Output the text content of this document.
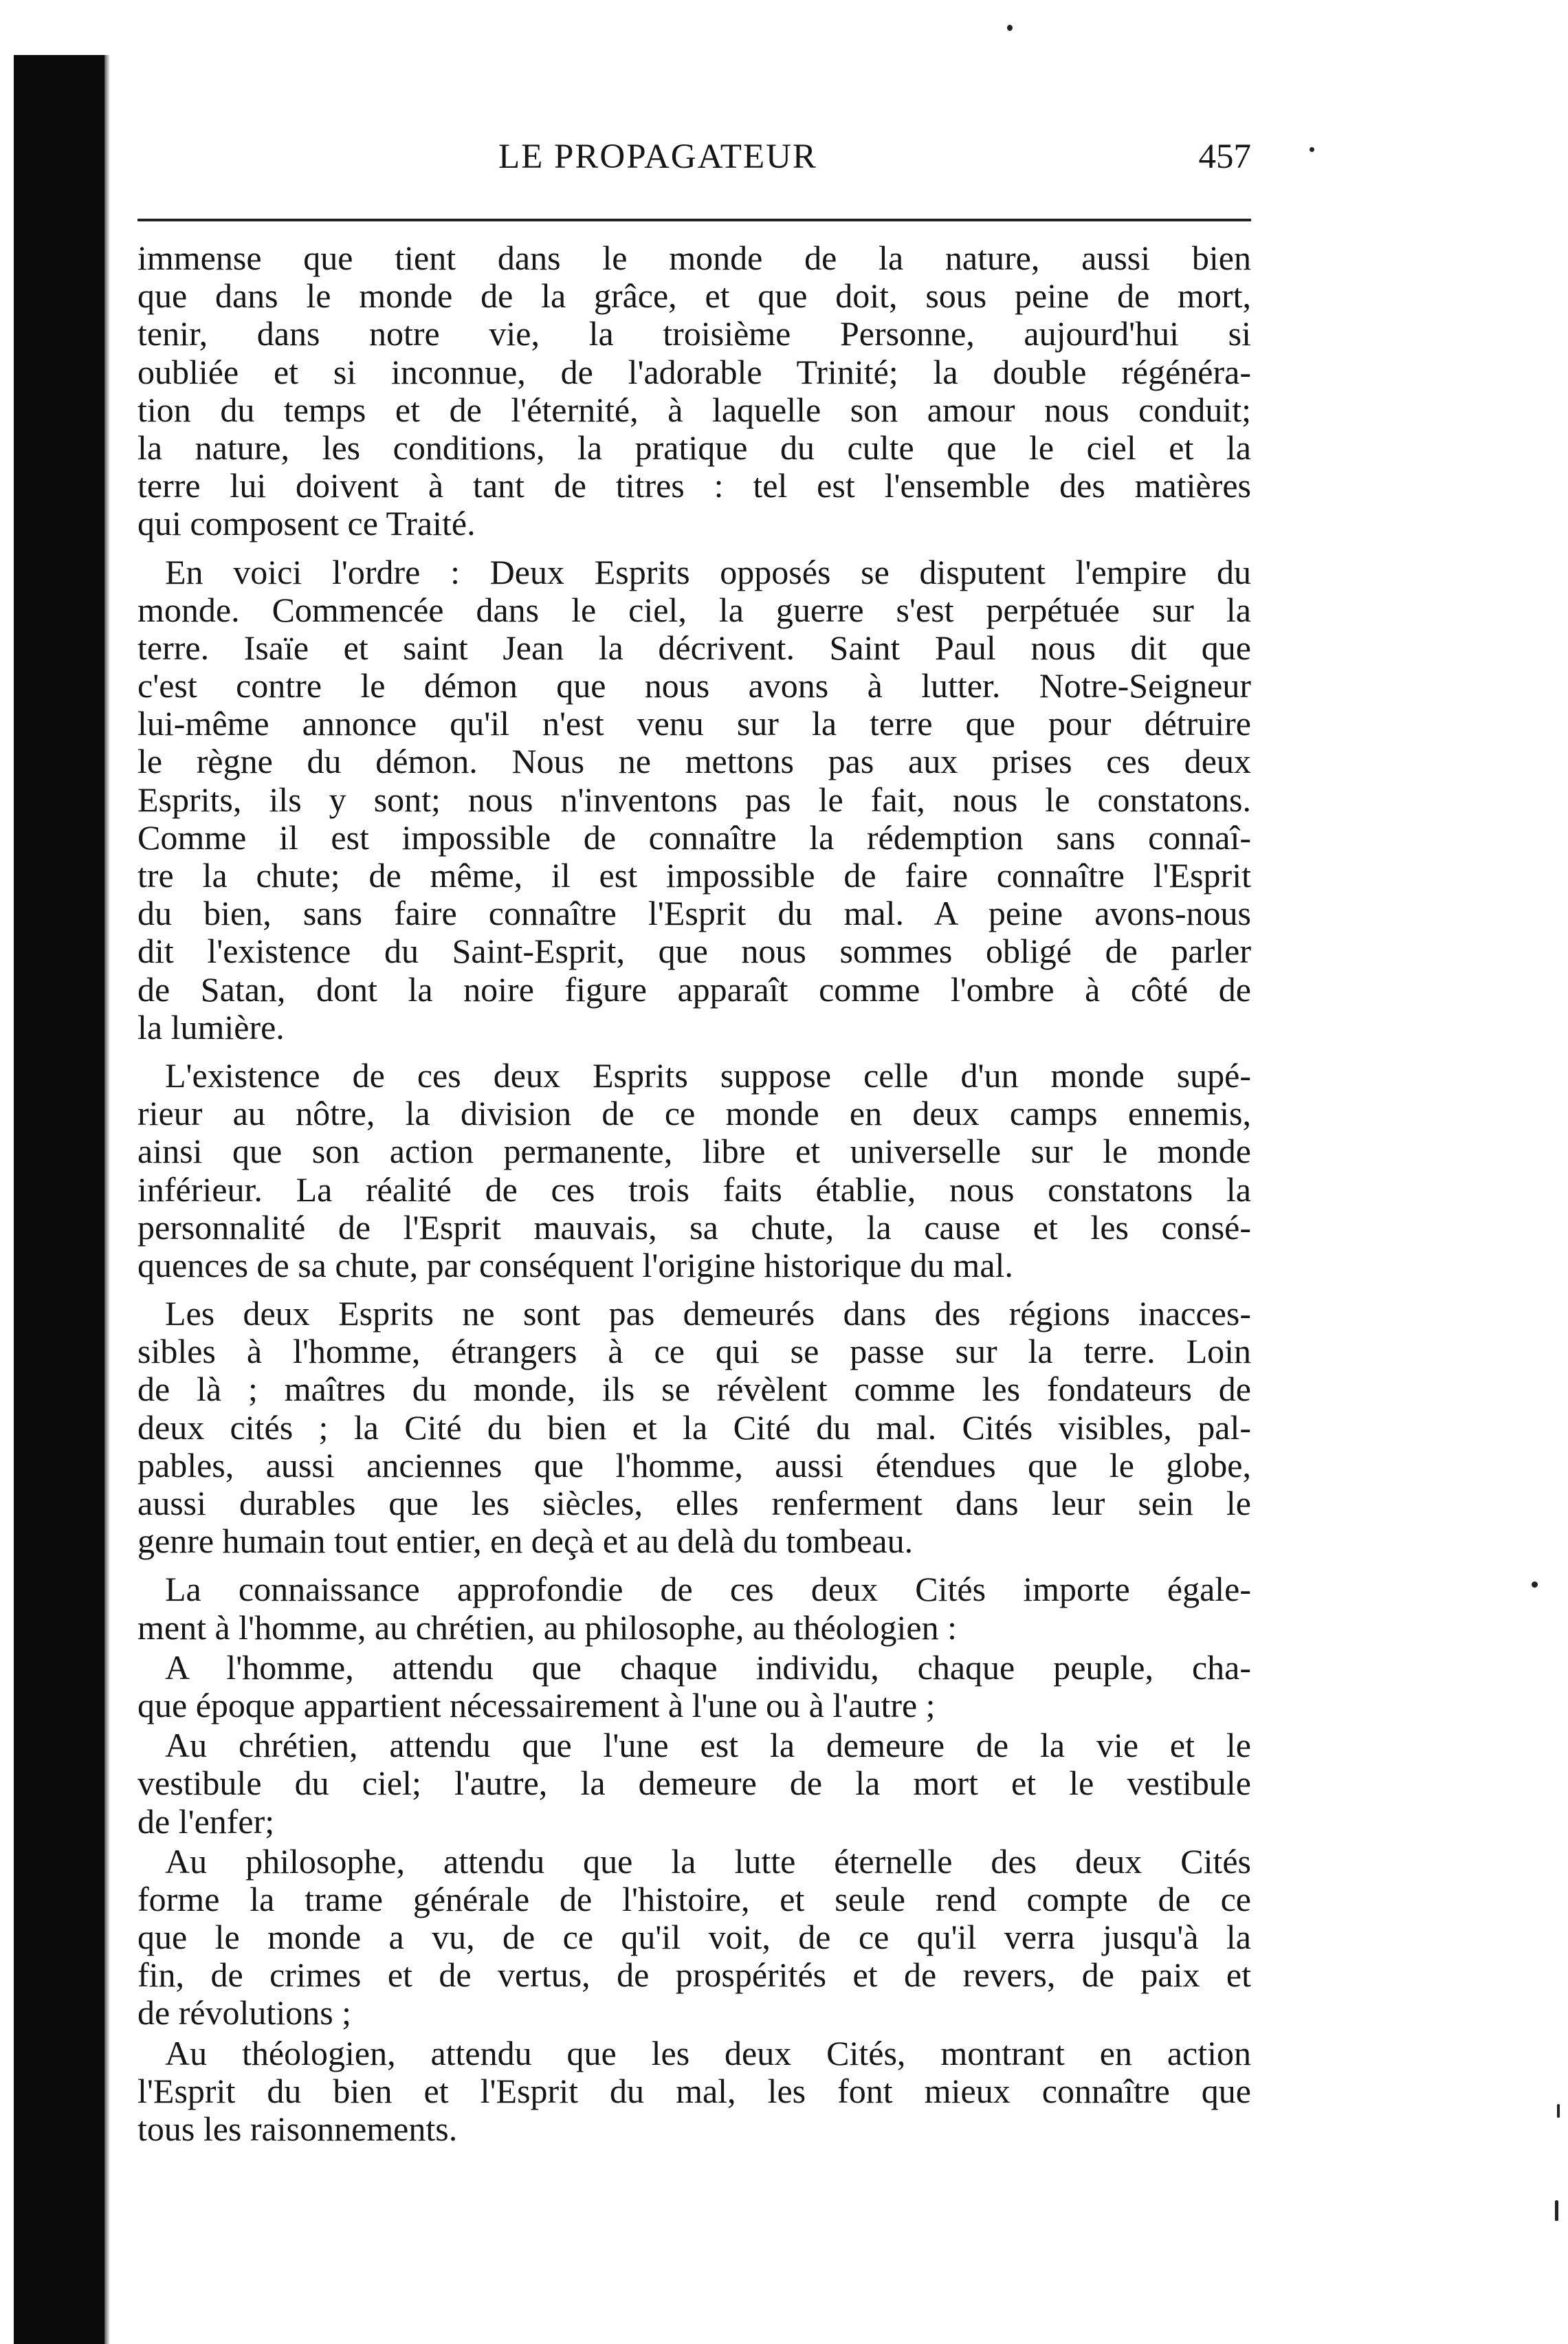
LE PROPAGATEUR	457
immense que tient dans le monde de la nature, aussi bien
que dans le monde de la grâce, et que doit, sous peine de mort,
tenir, dans notre vie, la troisième Personne, aujourd'hui si
oubliée et si inconnue, de l'adorable Trinité; la double régénéra-
tion du temps et de l'éternité, à laquelle son amour nous conduit;
la nature, les conditions, la pratique du culte que le ciel et la
terre lui doivent à tant de titres : tel est l'ensemble des matières
qui composent ce Traité.
En voici l'ordre : Deux Esprits opposés se disputent l'empire du
monde. Commencée dans le ciel, la guerre s'est perpétuée sur la
terre. Isaïe et saint Jean la décrivent. Saint Paul nous dit que
c'est contre le démon que nous avons à lutter. Notre-Seigneur
lui-même annonce qu'il n'est venu sur la terre que pour détruire
le règne du démon. Nous ne mettons pas aux prises ces deux
Esprits, ils y sont; nous n'inventons pas le fait, nous le constatons.
Comme il est impossible de connaître la rédemption sans connaî-
tre la chute; de même, il est impossible de faire connaître l'Esprit
du bien, sans faire connaître l'Esprit du mal. A peine avons-nous
dit l'existence du Saint-Esprit, que nous sommes obligé de parler
de Satan, dont la noire figure apparaît comme l'ombre à côté de
la lumière.
L'existence de ces deux Esprits suppose celle d'un monde supé-
rieur au nôtre, la division de ce monde en deux camps ennemis,
ainsi que son action permanente, libre et universelle sur le monde
inférieur. La réalité de ces trois faits établie, nous constatons la
personnalité de l'Esprit mauvais, sa chute, la cause et les consé-
quences de sa chute, par conséquent l'origine historique du mal.
Les deux Esprits ne sont pas demeurés dans des régions inacces-
sibles à l'homme, étrangers à ce qui se passe sur la terre. Loin
de là ; maîtres du monde, ils se révèlent comme les fondateurs de
deux cités ; la Cité du bien et la Cité du mal. Cités visibles, pal-
pables, aussi anciennes que l'homme, aussi étendues que le globe,
aussi durables que les siècles, elles renferment dans leur sein le
genre humain tout entier, en deçà et au delà du tombeau.
La connaissance approfondie de ces deux Cités importe égale-
ment à l'homme, au chrétien, au philosophe, au théologien :
A l'homme, attendu que chaque individu, chaque peuple, cha-
que époque appartient nécessairement à l'une ou à l'autre ;
Au chrétien, attendu que l'une est la demeure de la vie et le
vestibule du ciel; l'autre, la demeure de la mort et le vestibule
de l'enfer;
Au philosophe, attendu que la lutte éternelle des deux Cités
forme la trame générale de l'histoire, et seule rend compte de ce
que le monde a vu, de ce qu'il voit, de ce qu'il verra jusqu'à la
fin, de crimes et de vertus, de prospérités et de revers, de paix et
de révolutions ;
Au théologien, attendu que les deux Cités, montrant en action
l'Esprit du bien et l'Esprit du mal, les font mieux connaître que
tous les raisonnements.
